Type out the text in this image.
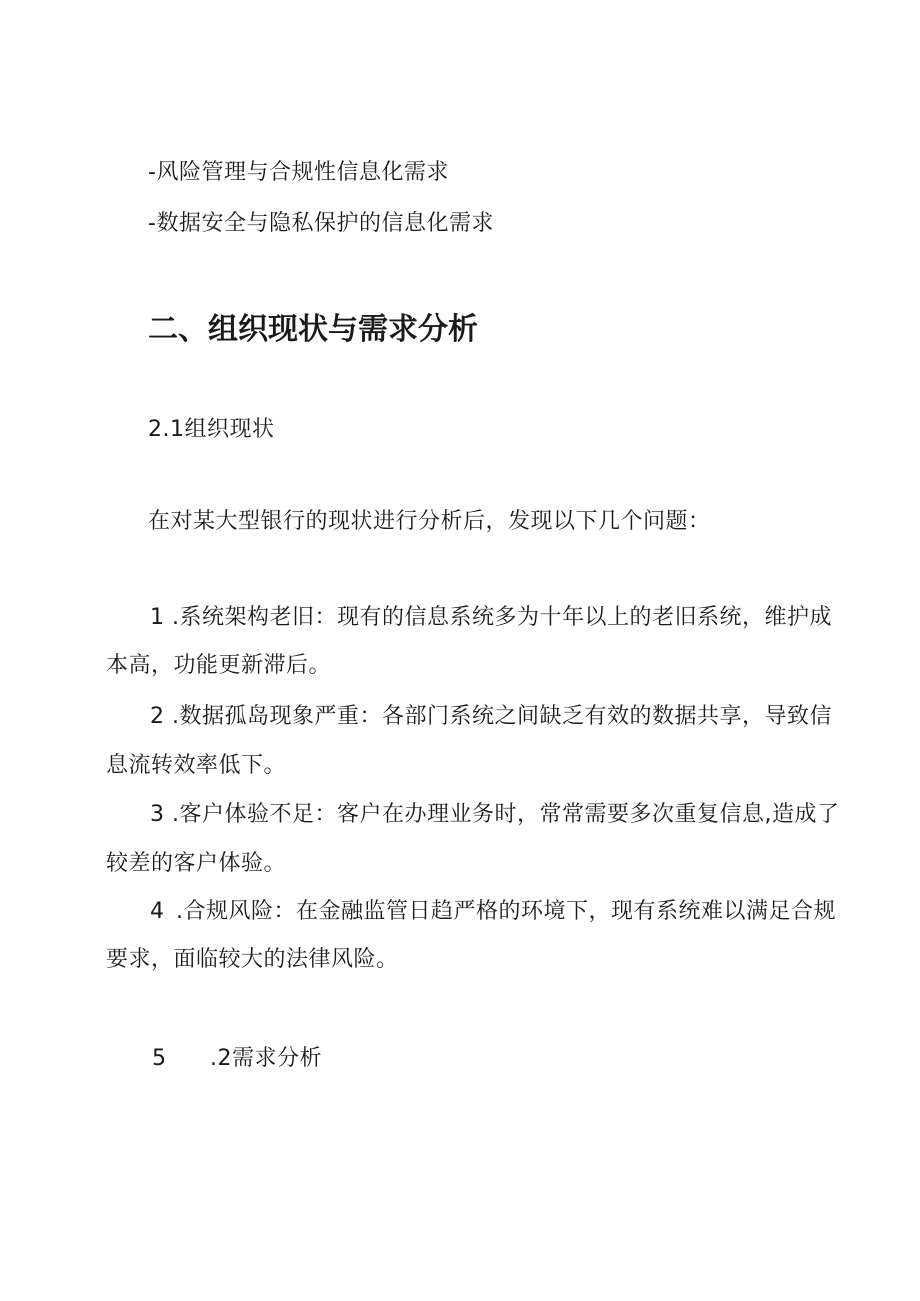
-风险管理与合规性信息化需求
-数据安全与隐私保护的信息化需求
二、组织现状与需求分析
2.1组织现状
在对某大型银行的现状进行分析后，发现以下几个问题：
1 .系统架构老旧：现有的信息系统多为十年以上的老旧系统，维护成
本高，功能更新滞后。
2 .数据孤岛现象严重：各部门系统之间缺乏有效的数据共享，导致信
息流转效率低下。
3 .客户体验不足：客户在办理业务时，常常需要多次重复信息,造成了
较差的客户体验。
4 .合规风险：在金融监管日趋严格的环境下，现有系统难以满足合规
要求，面临较大的法律风险。
5 .2需求分析
